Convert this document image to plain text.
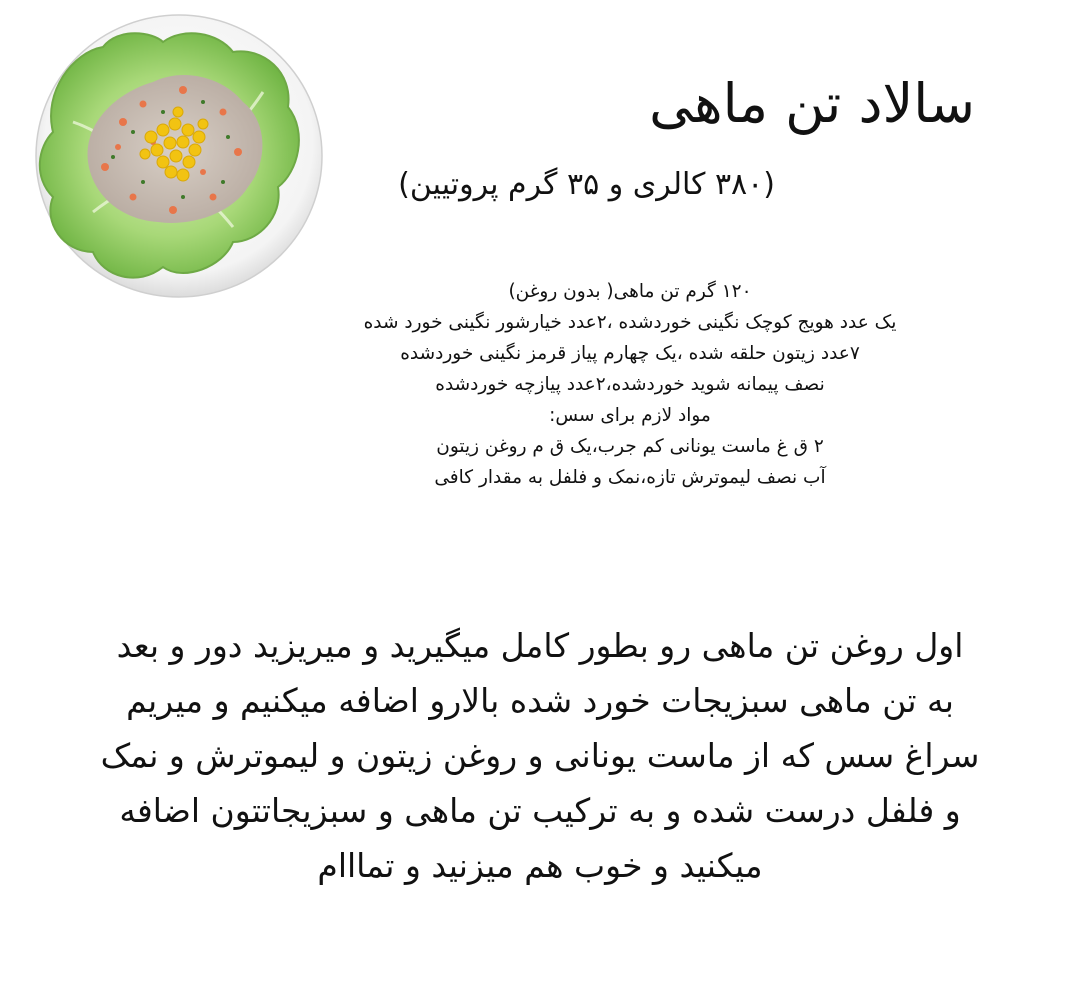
سالاد تن ماهی
(۳۸۰ کالری و ۳۵ گرم پروتیین)
۱۲۰ گرم تن ماهی( بدون روغن)
یک عدد هویج کوچک نگینی خوردشده ،۲عدد خیارشور نگینی خورد شده
۷عدد زیتون حلقه شده ،یک چهارم پیاز قرمز نگینی خوردشده
نصف پیمانه شوید خوردشده،۲عدد پیازچه خوردشده
مواد لازم برای سس:
۲ ق غ ماست یونانی کم جرب،یک ق م روغن زیتون
آب نصف لیموترش تازه،نمک و فلفل به مقدار کافی

اول روغن تن ماهی رو بطور کامل میگیرید و میریزید دور و بعد
به تن ماهی سبزیجات خورد شده بالارو اضافه میکنیم و میریم
سراغ سس که از ماست یونانی و روغن زیتون و لیموترش و نمک
و فلفل درست شده و به ترکیب تن ماهی و سبزیجاتتون اضافه
میکنید و خوب هم میزنید و تمااام
